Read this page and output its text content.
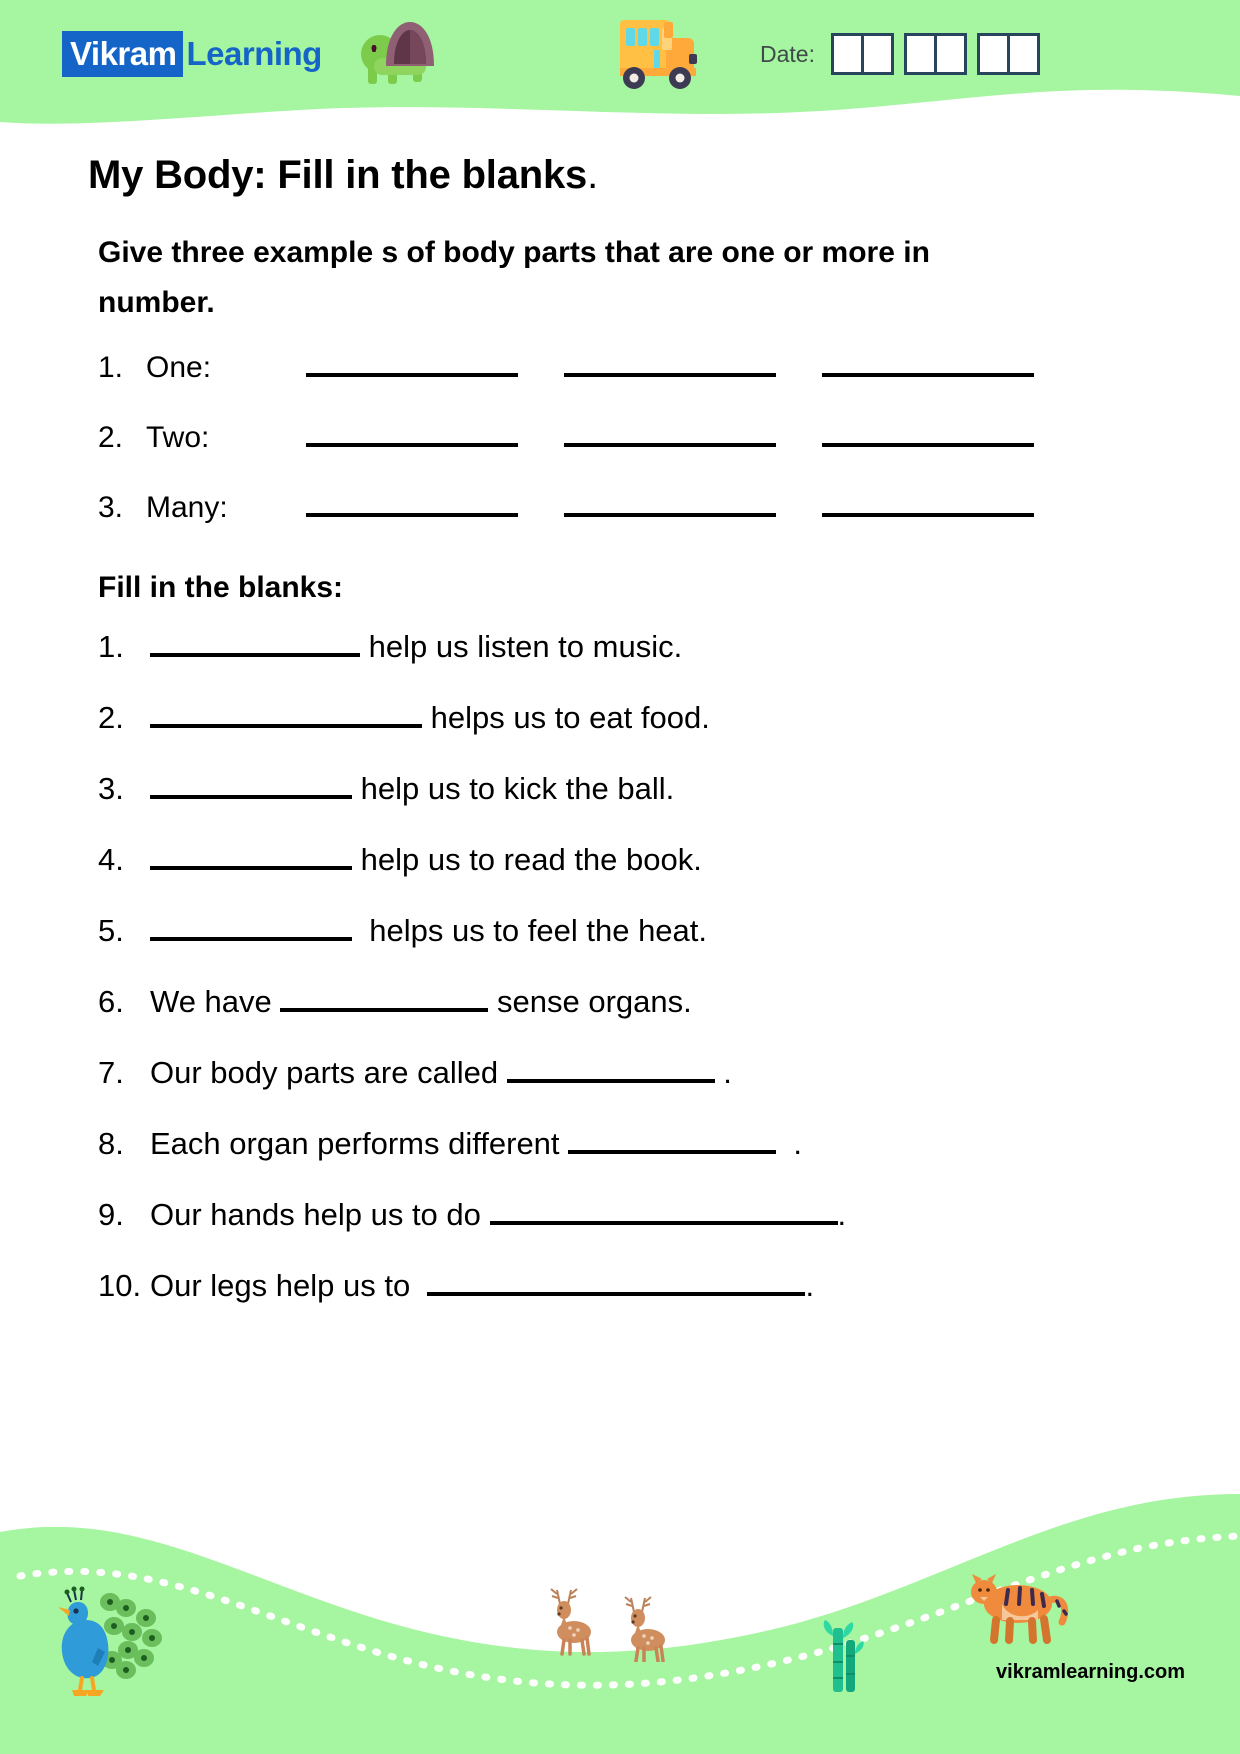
Vikram Learning	Date:
My Body: Fill in the blanks.

Give three example s of body parts that are one or more in number.

1. One:
2. Two:
3. Many:
Fill in the blanks:
1.	help us listen to music.
2.	helps us to eat food.
3.	help us to kick the ball.
4.	help us to read the book.
5.	helps us to feel the heat.
6. We have	sense organs.
7. Our body parts are called	.
8. Each organ performs different	.
9. Our hands help us to do	.
10. Our legs help us to	.
vikramlearning.com
